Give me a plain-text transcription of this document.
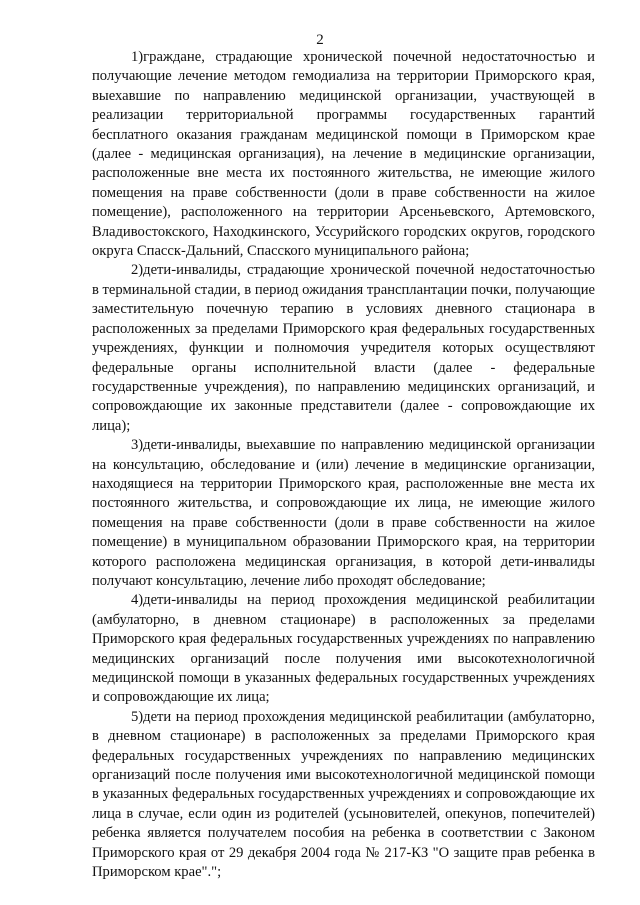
2

1)граждане, страдающие хронической почечной недостаточностью и получающие лечение методом гемодиализа на территории Приморского края, выехавшие по направлению медицинской организации, участвующей в реализации территориальной программы государственных гарантий бесплатного оказания гражданам медицинской помощи в Приморском крае (далее - медицинская организация), на лечение в медицинские организации, расположенные вне места их постоянного жительства, не имеющие жилого помещения на праве собственности (доли в праве собственности на жилое помещение), расположенного на территории Арсеньевского, Артемовского, Владивостокского, Находкинского, Уссурийского городских округов, городского округа Спасск-Дальний, Спасского муниципального района;

2)дети-инвалиды, страдающие хронической почечной недостаточностью в терминальной стадии, в период ожидания трансплантации почки, получающие заместительную почечную терапию в условиях дневного стационара в расположенных за пределами Приморского края федеральных государственных учреждениях, функции и полномочия учредителя которых осуществляют федеральные органы исполнительной власти (далее - федеральные государственные учреждения), по направлению медицинских организаций, и сопровождающие их законные представители (далее - сопровождающие их лица);

3)дети-инвалиды, выехавшие по направлению медицинской организации на консультацию, обследование и (или) лечение в медицинские организации, находящиеся на территории Приморского края, расположенные вне места их постоянного жительства, и сопровождающие их лица, не имеющие жилого помещения на праве собственности (доли в праве собственности на жилое помещение) в муниципальном образовании Приморского края, на территории которого расположена медицинская организация, в которой дети-инвалиды получают консультацию, лечение либо проходят обследование;

4)дети-инвалиды на период прохождения медицинской реабилитации (амбулаторно, в дневном стационаре) в расположенных за пределами Приморского края федеральных государственных учреждениях по направлению медицинских организаций после получения ими высокотехнологичной медицинской помощи в указанных федеральных государственных учреждениях и сопровождающие их лица;

5)дети на период прохождения медицинской реабилитации (амбулаторно, в дневном стационаре) в расположенных за пределами Приморского края федеральных государственных учреждениях по направлению медицинских организаций после получения ими высокотехнологичной медицинской помощи в указанных федеральных государственных учреждениях и сопровождающие их лица в случае, если один из родителей (усыновителей, опекунов, попечителей) ребенка является получателем пособия на ребенка в соответствии с Законом Приморского края от 29 декабря 2004 года № 217-КЗ "О защите прав ребенка в Приморском крае".";
